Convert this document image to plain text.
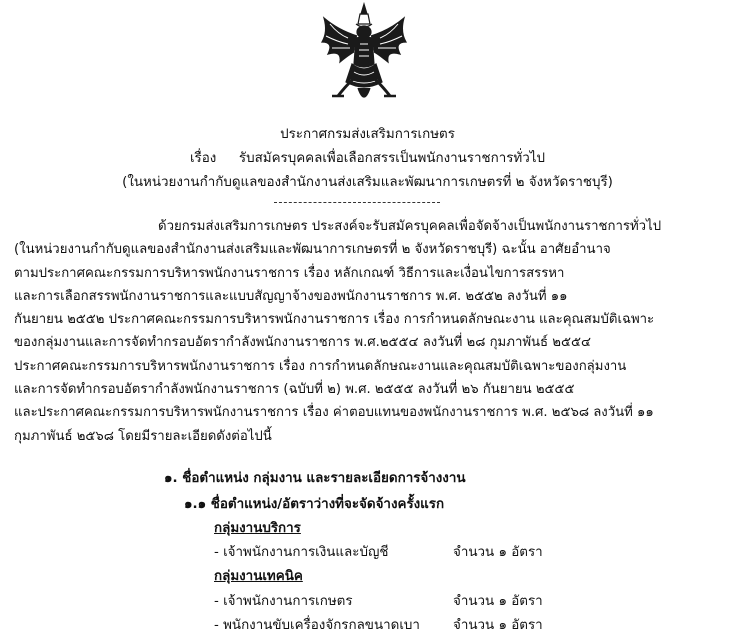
ประกาศกรมส่งเสริมการเกษตร
เรื่อง รับสมัครบุคคลเพื่อเลือกสรรเป็นพนักงานราชการทั่วไป
(ในหน่วยงานกำกับดูแลของสำนักงานส่งเสริมและพัฒนาการเกษตรที่ ๒ จังหวัดราชบุรี)
ด้วยกรมส่งเสริมการเกษตร ประสงค์จะรับสมัครบุคคลเพื่อจัดจ้างเป็นพนักงานราชการทั่วไป
(ในหน่วยงานกำกับดูแลของสำนักงานส่งเสริมและพัฒนาการเกษตรที่ ๒ จังหวัดราชบุรี) ฉะนั้น อาศัยอำนาจ
ตามประกาศคณะกรรมการบริหารพนักงานราชการ เรื่อง หลักเกณฑ์ วิธีการและเงื่อนไขการสรรหา
และการเลือกสรรพนักงานราชการและแบบสัญญาจ้างของพนักงานราชการ พ.ศ. ๒๕๕๒ ลงวันที่ ๑๑
กันยายน ๒๕๕๒ ประกาศคณะกรรมการบริหารพนักงานราชการ เรื่อง การกำหนดลักษณะงาน และคุณสมบัติเฉพาะ
ของกลุ่มงานและการจัดทำกรอบอัตรากำลังพนักงานราชการ พ.ศ.๒๕๕๔ ลงวันที่ ๒๘ กุมภาพันธ์ ๒๕๕๔
ประกาศคณะกรรมการบริหารพนักงานราชการ เรื่อง การกำหนดลักษณะงานและคุณสมบัติเฉพาะของกลุ่มงาน
และการจัดทำกรอบอัตรากำลังพนักงานราชการ (ฉบับที่ ๒) พ.ศ. ๒๕๕๕ ลงวันที่ ๒๖ กันยายน ๒๕๕๕
และประกาศคณะกรรมการบริหารพนักงานราชการ เรื่อง ค่าตอบแทนของพนักงานราชการ พ.ศ. ๒๕๖๘ ลงวันที่ ๑๑
กุมภาพันธ์ ๒๕๖๘ โดยมีรายละเอียดดังต่อไปนี้
๑. ชื่อตำแหน่ง กลุ่มงาน และรายละเอียดการจ้างงาน
๑.๑ ชื่อตำแหน่ง/อัตราว่างที่จะจัดจ้างครั้งแรก
กลุ่มงานบริการ
- เจ้าพนักงานการเงินและบัญชี	จำนวน ๑ อัตรา
กลุ่มงานเทคนิค
- เจ้าพนักงานการเกษตร	จำนวน ๑ อัตรา
- พนักงานขับเครื่องจักรกลขนาดเบา จำนวน ๑ อัตรา
